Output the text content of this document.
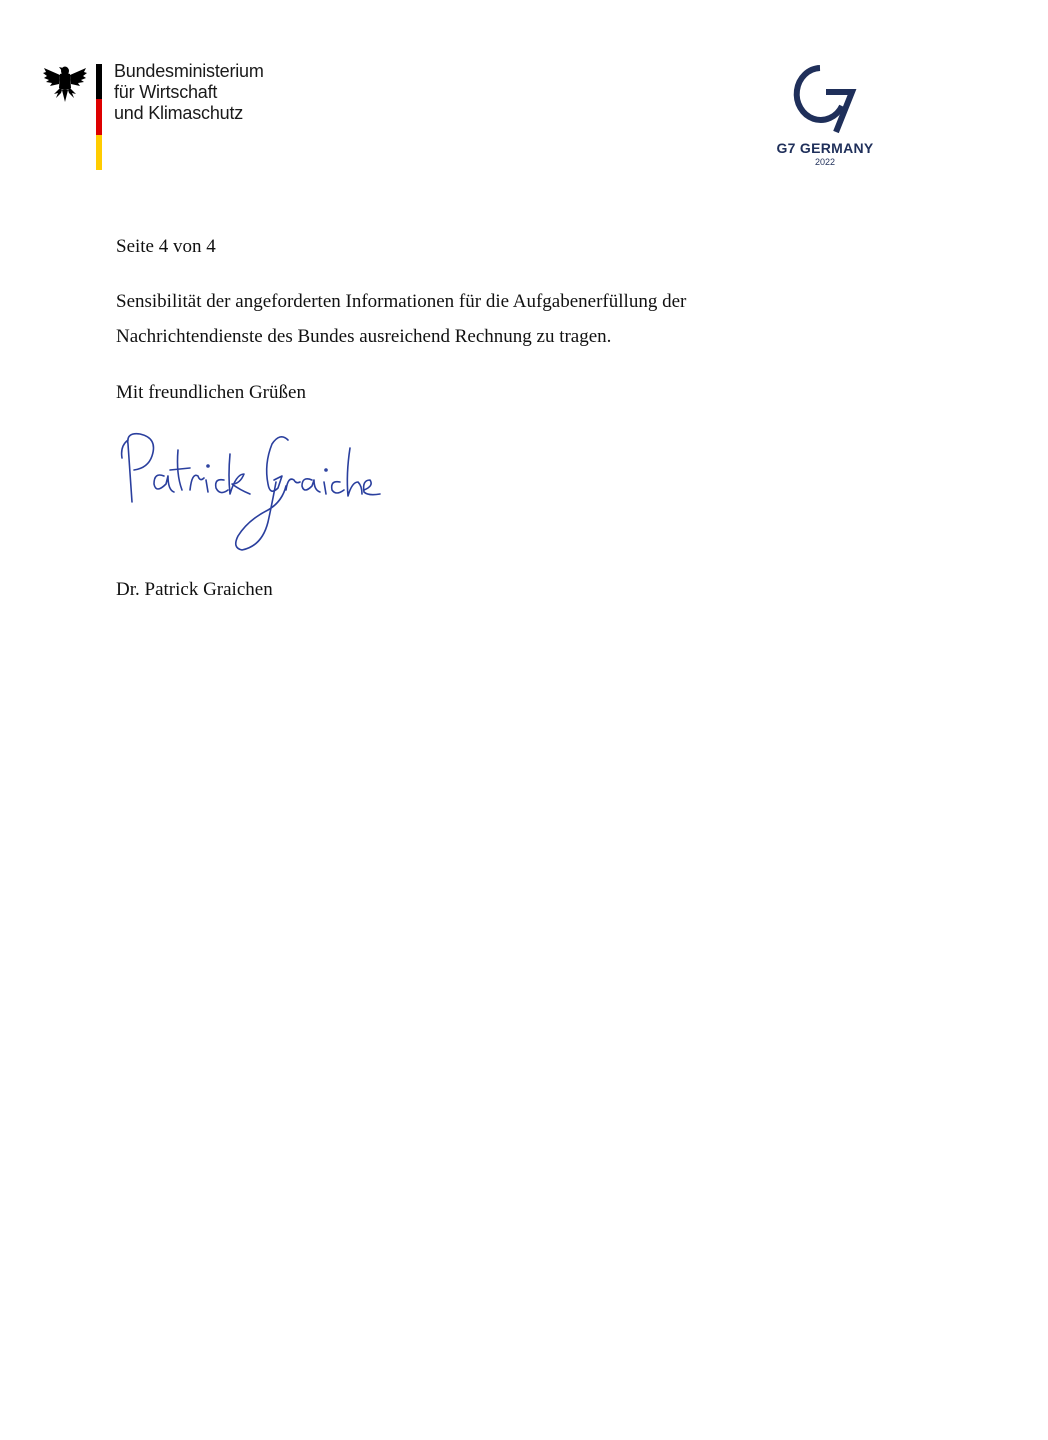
Bundesministerium
für Wirtschaft
und Klimaschutz
G7 GERMANY
2022
Seite 4 von 4
Sensibilität der angeforderten Informationen für die Aufgabenerfüllung der
Nachrichtendienste des Bundes ausreichend Rechnung zu tragen.
Mit freundlichen Grüßen
Dr. Patrick Graichen
